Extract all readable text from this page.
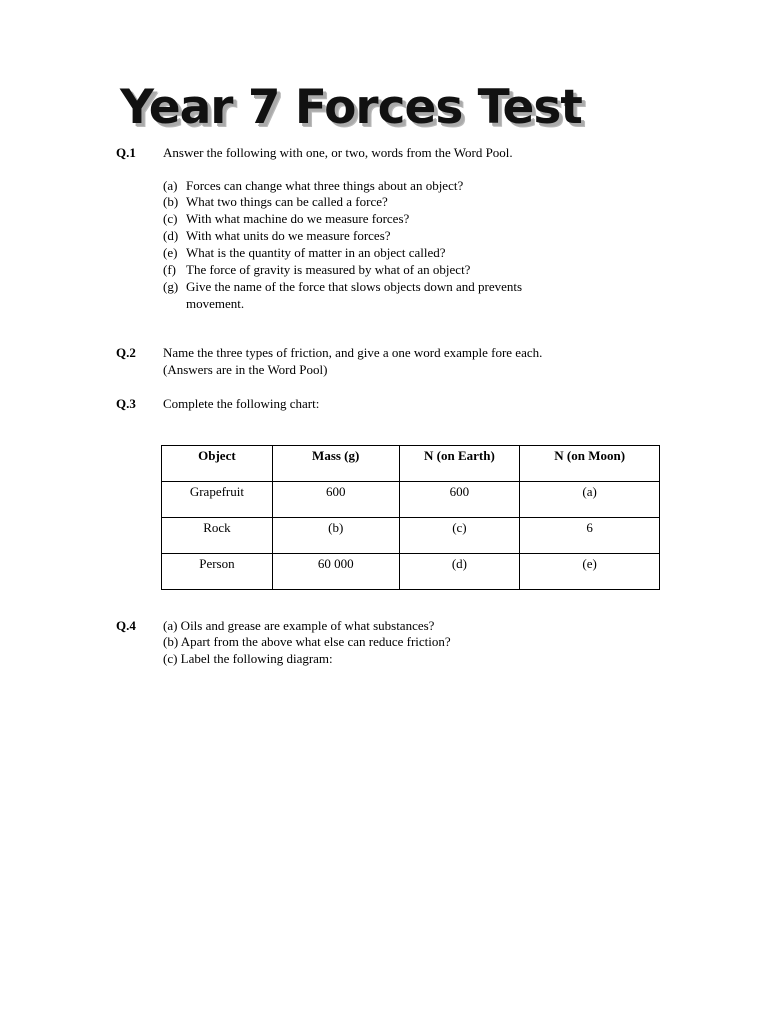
Year 7 Forces Test
Q.1 Answer the following with one, or two, words from the Word Pool.
(a) Forces can change what three things about an object?
(b) What two things can be called a force?
(c) With what machine do we measure forces?
(d) With what units do we measure forces?
(e) What is the quantity of matter in an object called?
(f) The force of gravity is measured by what of an object?
(g) Give the name of the force that slows objects down and prevents
movement.
Q.2 Name the three types of friction, and give a one word example fore each.
(Answers are in the Word Pool)
Q.3 Complete the following chart:
Object	Mass (g)	N (on Earth)	N (on Moon)
Grapefruit	600	600	(a)
Rock	(b)	(c)	6
Person	60 000	(d)	(e)
Q.4 (a) Oils and grease are example of what substances?
(b) Apart from the above what else can reduce friction?
(c) Label the following diagram:
